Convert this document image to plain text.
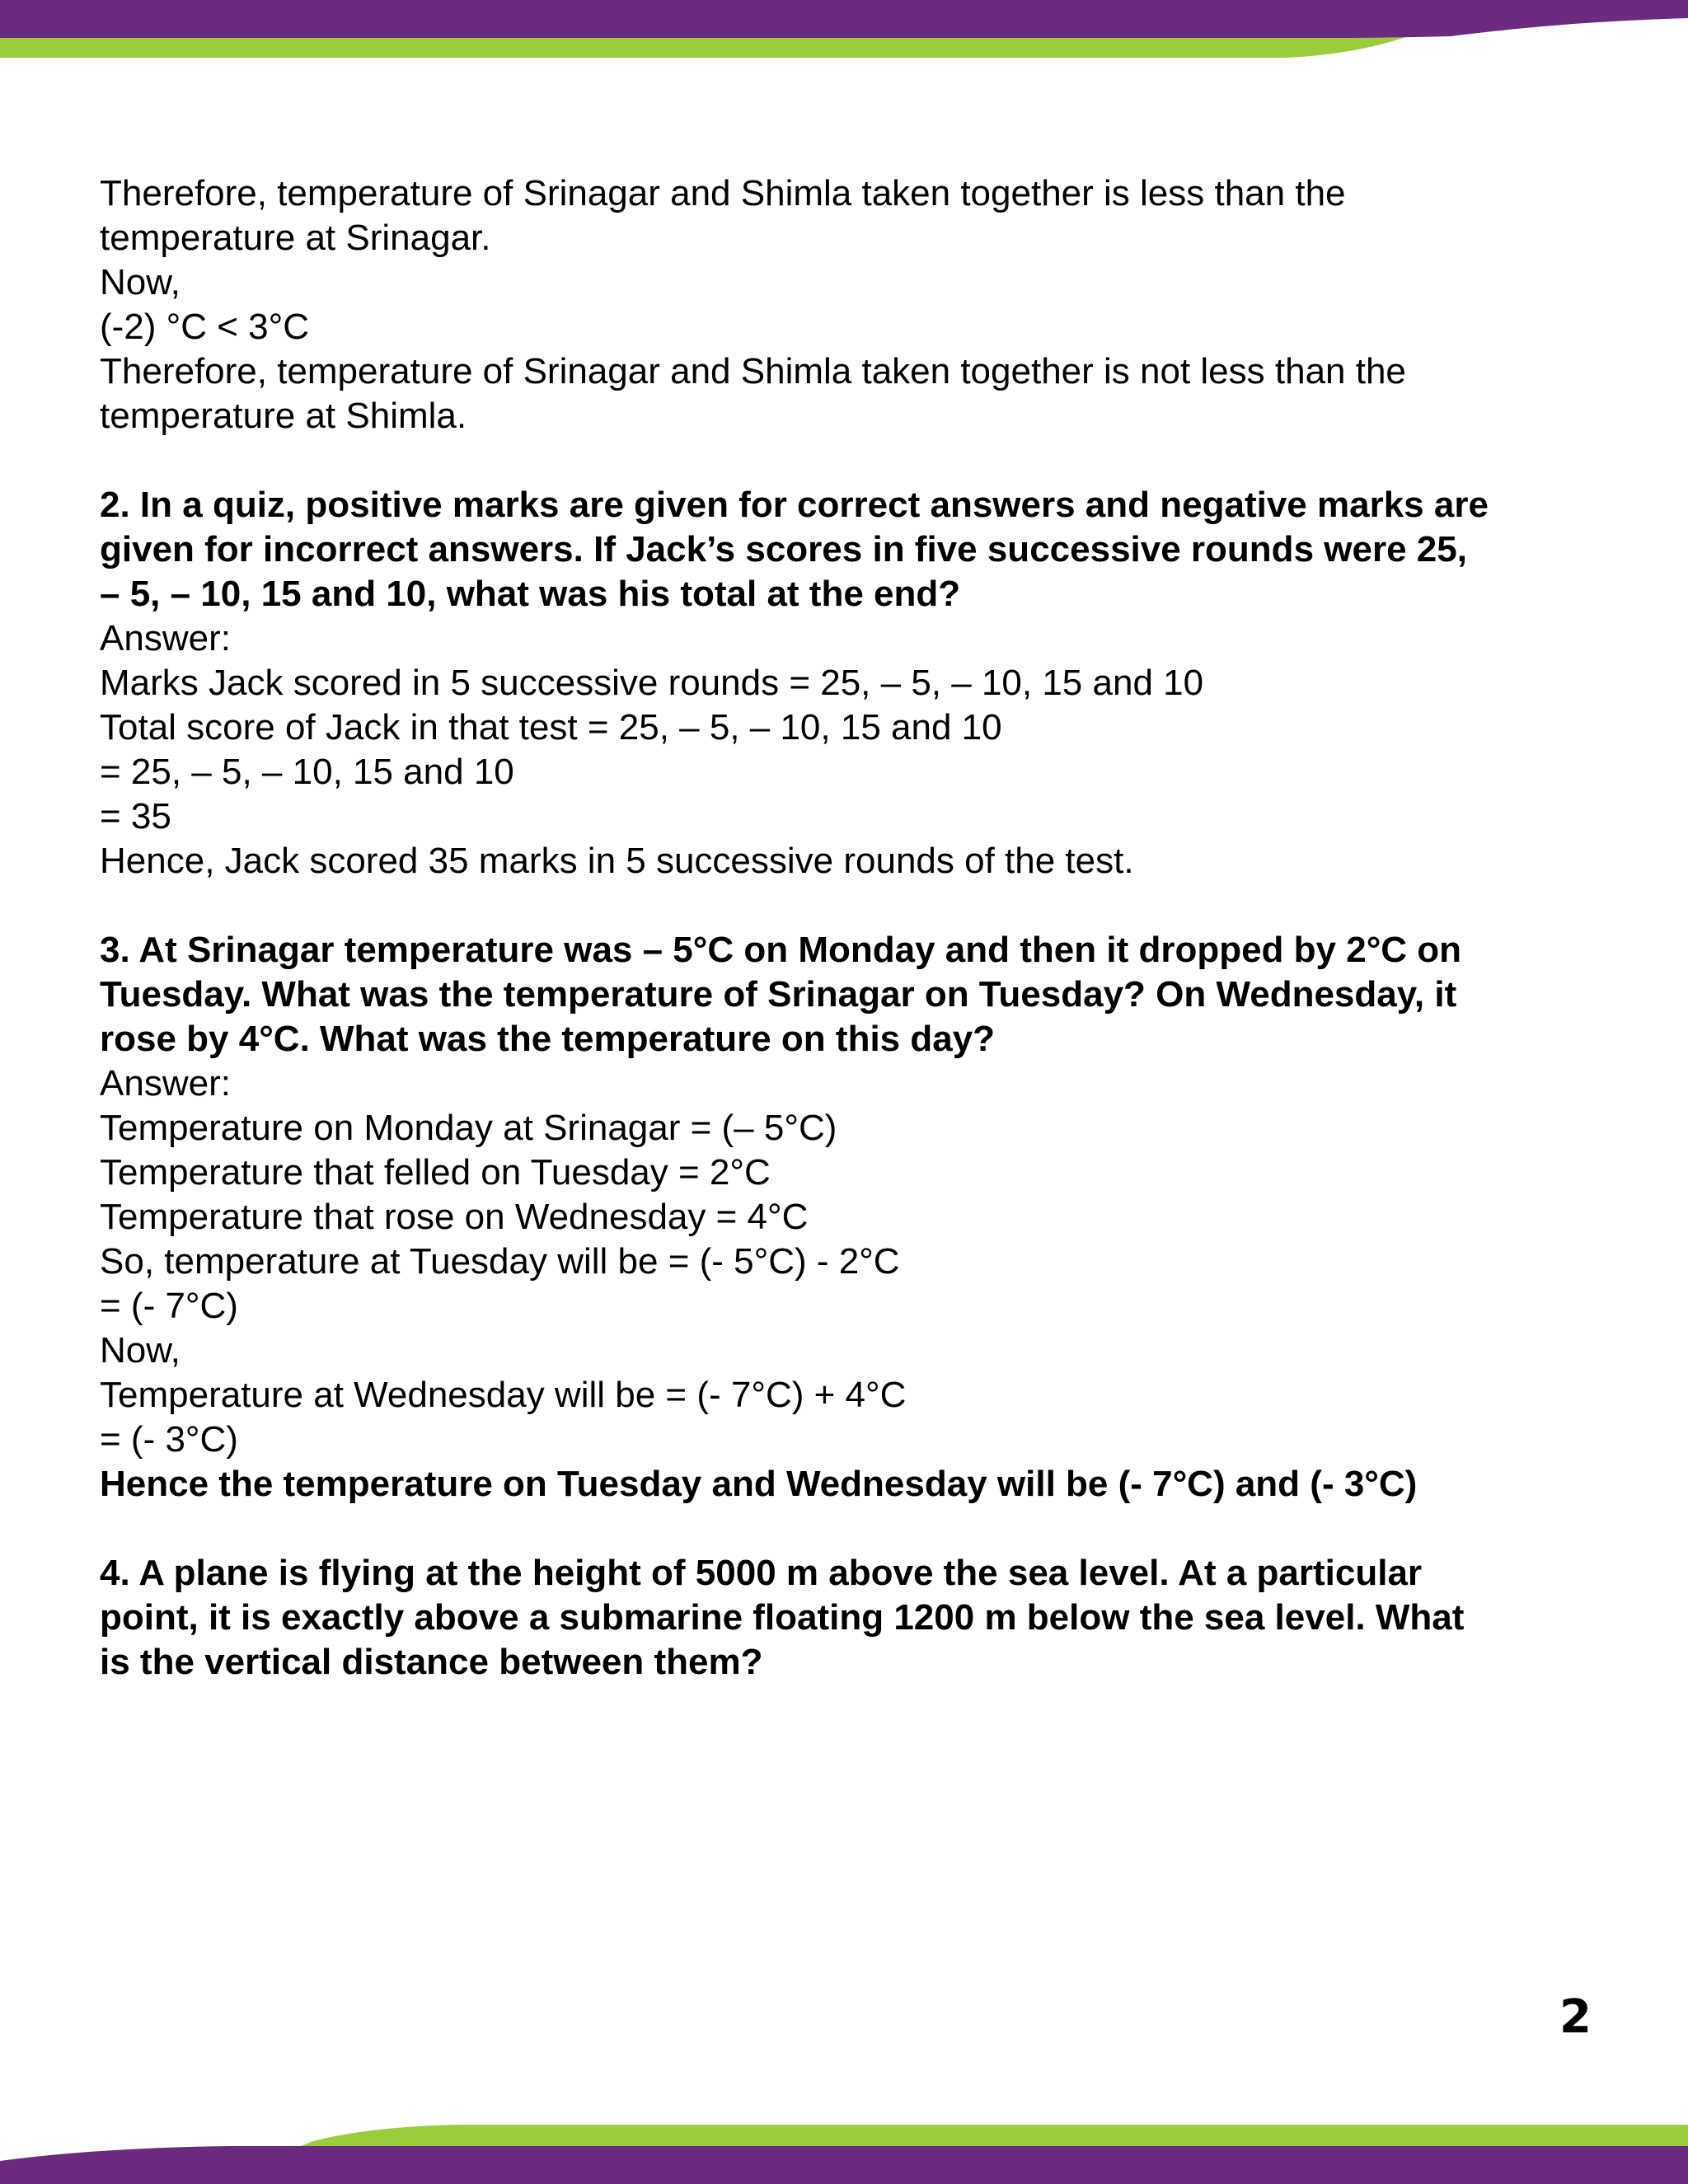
Therefore, temperature of Srinagar and Shimla taken together is less than the
temperature at Srinagar.
Now,
(-2) °C < 3°C
Therefore, temperature of Srinagar and Shimla taken together is not less than the
temperature at Shimla.
2. In a quiz, positive marks are given for correct answers and negative marks are
given for incorrect answers. If Jack’s scores in five successive rounds were 25,
– 5, – 10, 15 and 10, what was his total at the end?
Answer:
Marks Jack scored in 5 successive rounds = 25, – 5, – 10, 15 and 10
Total score of Jack in that test = 25, – 5, – 10, 15 and 10
= 25, – 5, – 10, 15 and 10
= 35
Hence, Jack scored 35 marks in 5 successive rounds of the test.
3. At Srinagar temperature was – 5°C on Monday and then it dropped by 2°C on
Tuesday. What was the temperature of Srinagar on Tuesday? On Wednesday, it
rose by 4°C. What was the temperature on this day?
Answer:
Temperature on Monday at Srinagar = (– 5°C)
Temperature that felled on Tuesday = 2°C
Temperature that rose on Wednesday = 4°C
So, temperature at Tuesday will be = (- 5°C) - 2°C
= (- 7°C)
Now,
Temperature at Wednesday will be = (- 7°C) + 4°C
= (- 3°C)
Hence the temperature on Tuesday and Wednesday will be (- 7°C) and (- 3°C)
4. A plane is flying at the height of 5000 m above the sea level. At a particular
point, it is exactly above a submarine floating 1200 m below the sea level. What
is the vertical distance between them?
2
